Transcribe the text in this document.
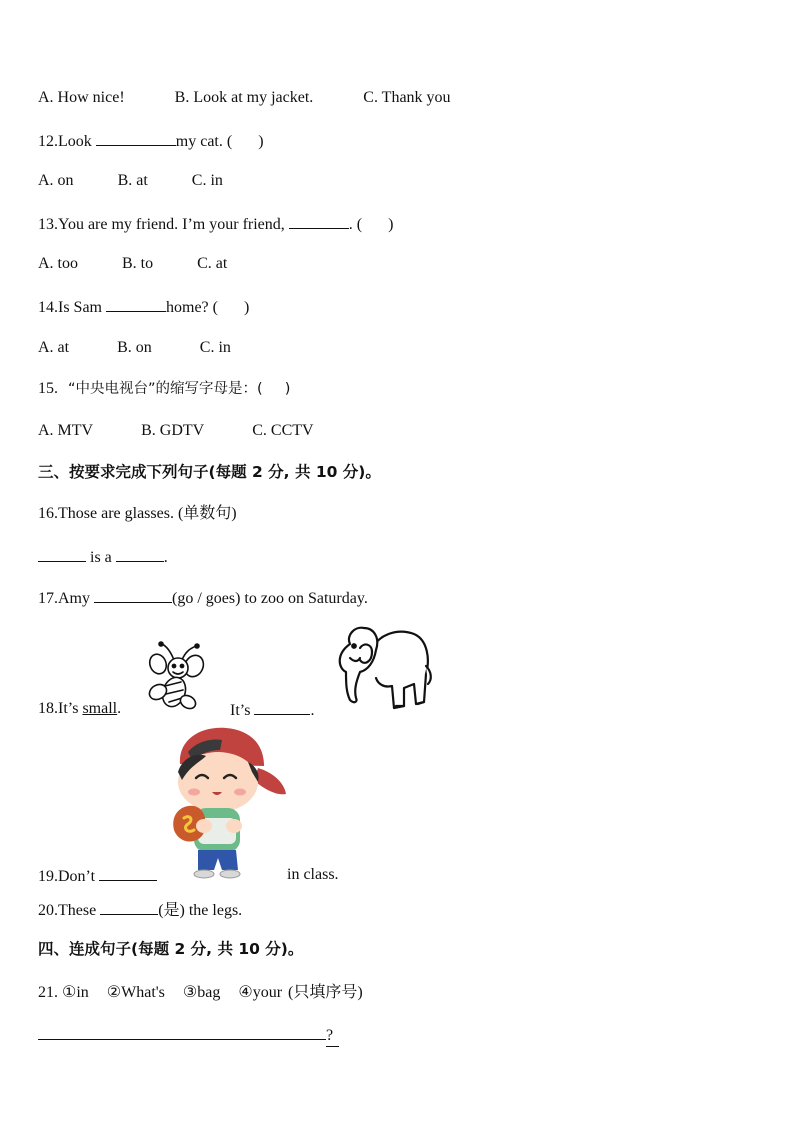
A. How nice!	B. Look at my jacket.	C. Thank you
12.Look	my cat. ( )
A. on	B. at	C. in
13.You are my friend. I’m your friend,	. ( )
A. too	B. to	C. at
14.Is Sam	home? ( )
A. at	B. on	C. in
15. “中央电视台”的缩写字母是：( )
A. MTV	B. GDTV	C. CCTV
三、按要求完成下列句子(每题 2 分, 共 10 分)。
16.Those are glasses. (单数句)
is a	.
17.Amy	(go / goes) to zoo on Saturday.
18.It’s small.	It’s	.
19.Don’t	in class.
20.These	(是) the legs.
四、连成句子(每题 2 分, 共 10 分)。
21. ①in ②What's ③bag ④your (只填序号)
?
